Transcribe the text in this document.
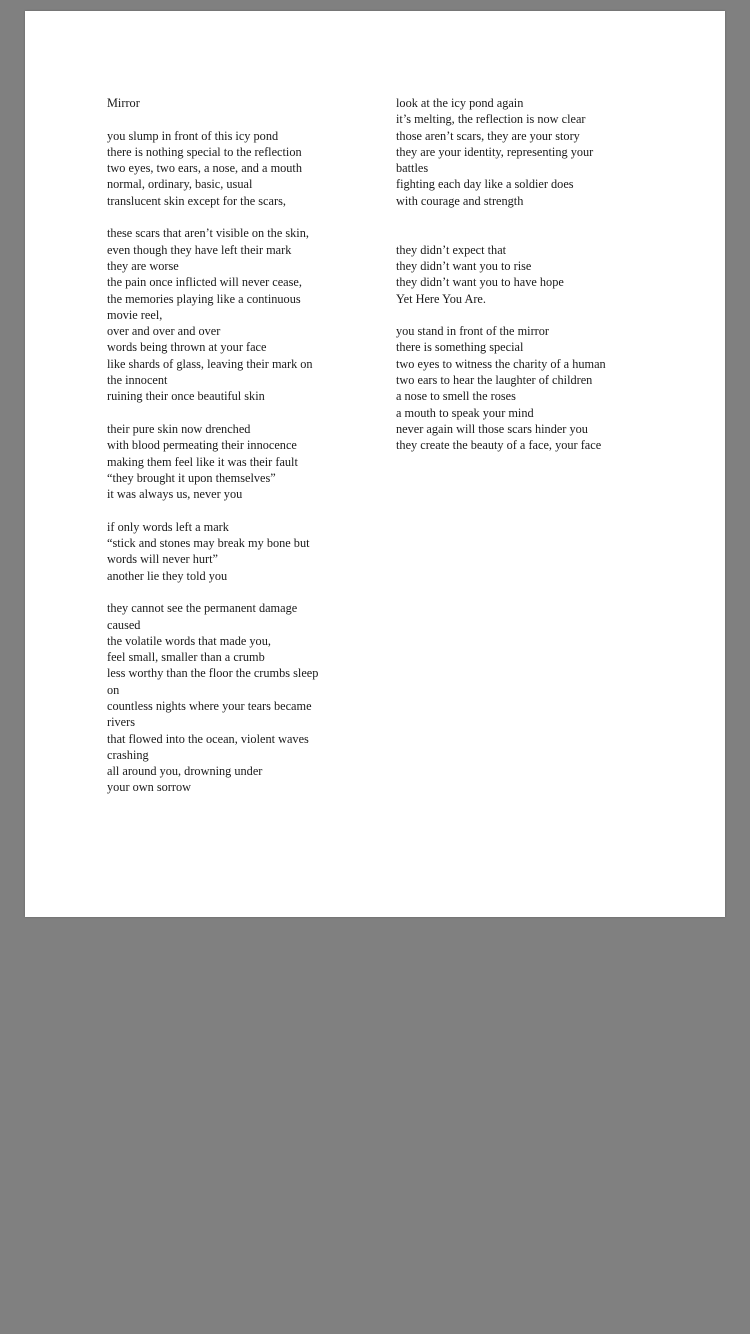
Mirror
you slump in front of this icy pond
there is nothing special to the reflection
two eyes, two ears, a nose, and a mouth
normal, ordinary, basic, usual
translucent skin except for the scars,
these scars that aren’t visible on the skin,
even though they have left their mark
they are worse
the pain once inflicted will never cease,
the memories playing like a continuous
movie reel,
over and over and over
words being thrown at your face
like shards of glass, leaving their mark on
the innocent
ruining their once beautiful skin
their pure skin now drenched
with blood permeating their innocence
making them feel like it was their fault
“they brought it upon themselves”
it was always us, never you
if only words left a mark
“stick and stones may break my bone but
words will never hurt”
another lie they told you
they cannot see the permanent damage
caused
the volatile words that made you,
feel small, smaller than a crumb
less worthy than the floor the crumbs sleep
on
countless nights where your tears became
rivers
that flowed into the ocean, violent waves
crashing
all around you, drowning under
your own sorrow
look at the icy pond again
it’s melting, the reflection is now clear
those aren’t scars, they are your story
they are your identity, representing your
battles
fighting each day like a soldier does
with courage and strength
they didn’t expect that
they didn’t want you to rise
they didn’t want you to have hope
Yet Here You Are.
you stand in front of the mirror
there is something special
two eyes to witness the charity of a human
two ears to hear the laughter of children
a nose to smell the roses
a mouth to speak your mind
never again will those scars hinder you
they create the beauty of a face, your face
